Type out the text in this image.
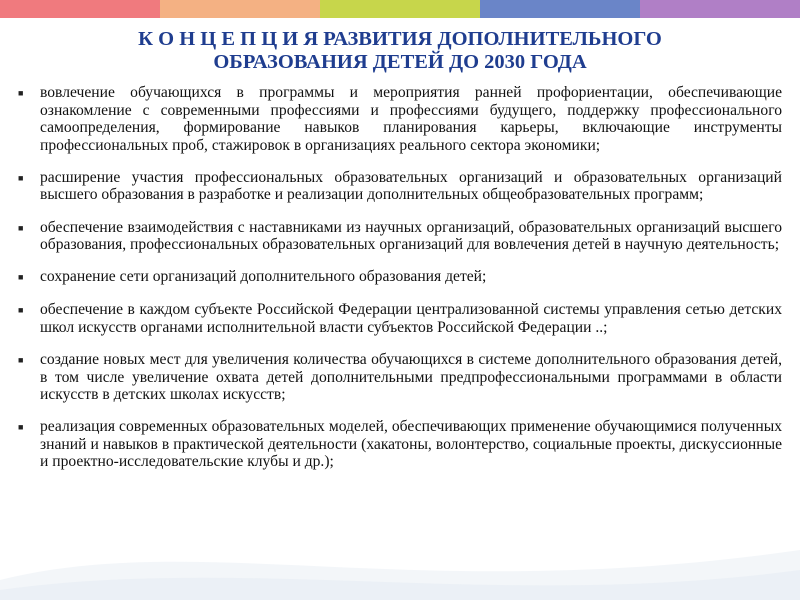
К О Н Ц Е П Ц И Я РАЗВИТИЯ ДОПОЛНИТЕЛЬНОГО
ОБРАЗОВАНИЯ ДЕТЕЙ ДО 2030 ГОДА
■	вовлечение обучающихся в программы и мероприятия ранней профориентации, обеспечивающие ознакомление с современными профессиями и профессиями будущего, поддержку профессионального самоопределения, формирование навыков планирования карьеры, включающие инструменты профессиональных проб, стажировок в организациях реального сектора экономики;
■	расширение участия профессиональных образовательных организаций и образовательных организаций высшего образования в разработке и реализации дополнительных общеобразовательных программ;
■	обеспечение взаимодействия с наставниками из научных организаций, образовательных организаций высшего образования, профессиональных образовательных организаций для вовлечения детей в научную деятельность;
■	сохранение сети организаций дополнительного образования детей;
■	обеспечение в каждом субъекте Российской Федерации централизованной системы управления сетью детских школ искусств органами исполнительной власти субъектов Российской Федерации ..;
■	создание новых мест для увеличения количества обучающихся в системе дополнительного образования детей, в том числе увеличение охвата детей дополнительными предпрофессиональными программами в области искусств в детских школах искусств;
■	реализация современных образовательных моделей, обеспечивающих применение обучающимися полученных знаний и навыков в практической деятельности (хакатоны, волонтерство, социальные проекты, дискуссионные и проектно-исследовательские клубы и др.);
